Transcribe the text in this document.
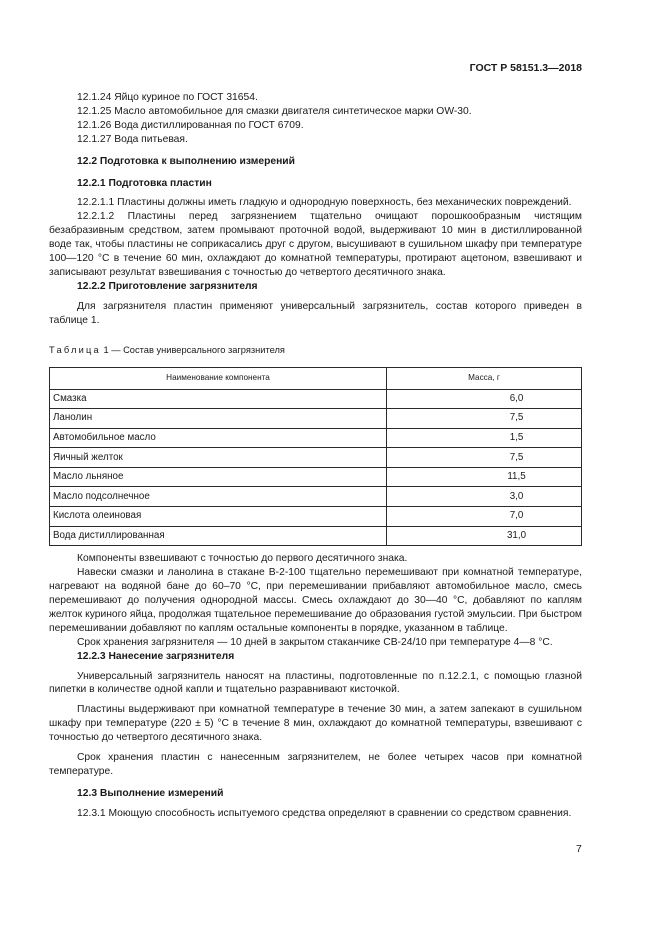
ГОСТ Р 58151.3—2018

12.1.24 Яйцо куриное по ГОСТ 31654.

12.1.25 Масло автомобильное для смазки двигателя синтетическое марки OW-30.

12.1.26 Вода дистиллированная по ГОСТ 6709.

12.1.27 Вода питьевая.

12.2 Подготовка к выполнению измерений

12.2.1 Подготовка пластин

12.2.1.1 Пластины должны иметь гладкую и однородную поверхность, без механических повреждений.

12.2.1.2 Пластины перед загрязнением тщательно очищают порошкообразным чистящим безабразивным средством, затем промывают проточной водой, выдерживают 10 мин в дистиллированной воде так, чтобы пластины не соприкасались друг с другом, высушивают в сушильном шкафу при температуре 100—120 °С в течение 60 мин, охлаждают до комнатной температуры, протирают ацетоном, взвешивают и записывают результат взвешивания с точностью до четвертого десятичного знака.

12.2.2 Приготовление загрязнителя

Для загрязнителя пластин применяют универсальный загрязнитель, состав которого приведен в таблице 1.

Таблица 1 — Состав универсального загрязнителя

Наименование компонента	Масса, г
Смазка	6,0
Ланолин	7,5
Автомобильное масло	1,5
Яичный желток	7,5
Масло льняное	11,5
Масло подсолнечное	3,0
Кислота олеиновая	7,0
Вода дистиллированная	31,0

Компоненты взвешивают с точностью до первого десятичного знака.

Навески смазки и ланолина в стакане В-2-100 тщательно перемешивают при комнатной температуре, нагревают на водяной бане до 60–70 °С, при перемешивании прибавляют автомобильное масло, смесь перемешивают до получения однородной массы. Смесь охлаждают до 30—40 °С, добавляют по каплям желток куриного яйца, продолжая тщательное перемешивание до образования густой эмульсии. При быстром перемешивании добавляют по каплям остальные компоненты в порядке, указанном в таблице.

Срок хранения загрязнителя — 10 дней в закрытом стаканчике СВ-24/10 при температуре 4—8 °С.

12.2.3 Нанесение загрязнителя

Универсальный загрязнитель наносят на пластины, подготовленные по п.12.2.1, с помощью глазной пипетки в количестве одной капли и тщательно разравнивают кисточкой.

Пластины выдерживают при комнатной температуре в течение 30 мин, а затем запекают в сушильном шкафу при температуре (220 ± 5) °С в течение 8 мин, охлаждают до комнатной температуры, взвешивают с точностью до четвертого десятичного знака.

Срок хранения пластин с нанесенным загрязнителем, не более четырех часов при комнатной температуре.

12.3 Выполнение измерений

12.3.1 Моющую способность испытуемого средства определяют в сравнении со средством сравнения.

7
